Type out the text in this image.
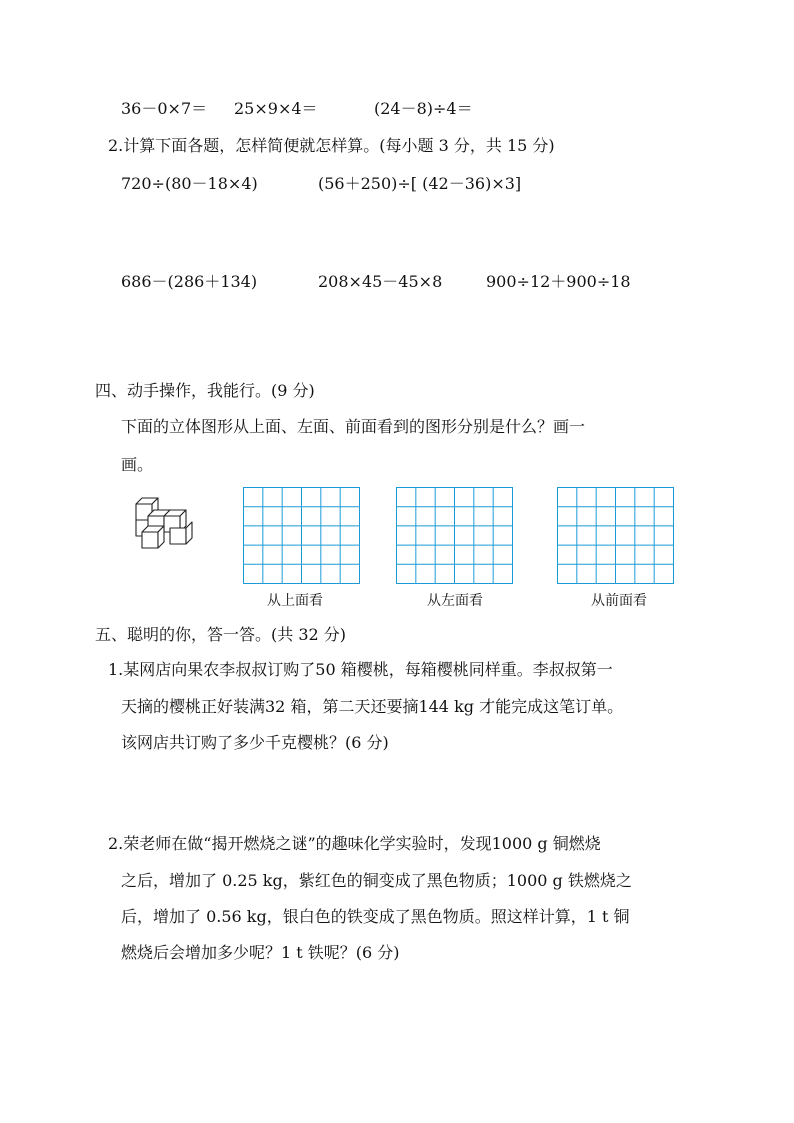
36－0×7＝ 25×9×4＝	(24－8)÷4＝
2.计算下面各题，怎样简便就怎样算。(每小题 3 分，共 15 分)
720÷(80－18×4)	(56＋250)÷[ (42－36)×3]
686－(286＋134)	208×45－45×8	900÷12＋900÷18
四、动手操作，我能行。(9 分)
下面的立体图形从上面、左面、前面看到的图形分别是什么？画一
画。
从上面看	从左面看	从前面看
五、聪明的你，答一答。(共 32 分)
1.某网店向果农李叔叔订购了50 箱樱桃，每箱樱桃同样重。李叔叔第一
天摘的樱桃正好装满32 箱，第二天还要摘144 kg 才能完成这笔订单。
该网店共订购了多少千克樱桃？(6 分)
2.荣老师在做“揭开燃烧之谜”的趣味化学实验时，发现1000 g 铜燃烧
之后，增加了 0.25 kg，紫红色的铜变成了黑色物质；1000 g 铁燃烧之
后，增加了 0.56 kg，银白色的铁变成了黑色物质。照这样计算，1 t 铜
燃烧后会增加多少呢？1 t 铁呢？(6 分)
